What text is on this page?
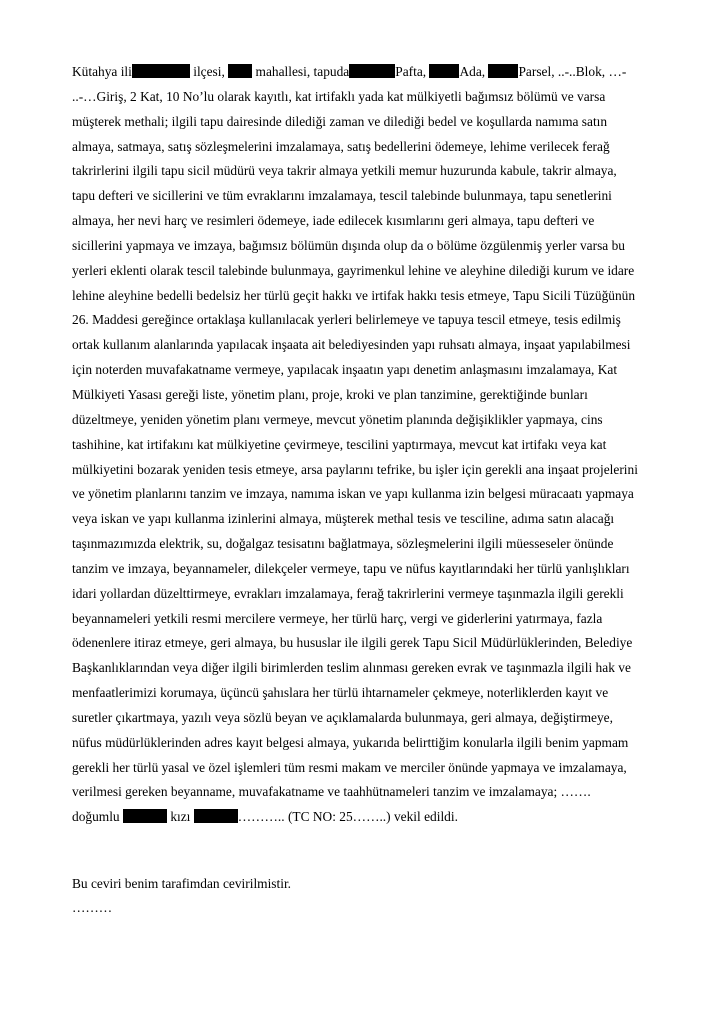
Kütahya ili	ilçesi,  mahallesi, tapuda	Pafta, Ada, Parsel, ..-..Blok, …-
..-…Giriş, 2 Kat, 10 No’lu olarak kayıtlı, kat irtifaklı yada kat mülkiyetli bağımsız bölümü ve varsa
müşterek methali; ilgili tapu dairesinde dilediği zaman ve dilediği bedel ve koşullarda namıma satın
almaya, satmaya, satış sözleşmelerini imzalamaya, satış bedellerini ödemeye, lehime verilecek ferağ
takrirlerini ilgili tapu sicil müdürü veya takrir almaya yetkili memur huzurunda kabule, takrir almaya,
tapu defteri ve sicillerini ve tüm evraklarını imzalamaya, tescil talebinde bulunmaya, tapu senetlerini
almaya, her nevi harç ve resimleri ödemeye, iade edilecek kısımlarını geri almaya, tapu defteri ve
sicillerini yapmaya ve imzaya, bağımsız bölümün dışında olup da o bölüme özgülenmiş yerler varsa bu
yerleri eklenti olarak tescil talebinde bulunmaya, gayrimenkul lehine ve aleyhine dilediği kurum ve idare
lehine aleyhine bedelli bedelsiz her türlü geçit hakkı ve irtifak hakkı tesis etmeye, Tapu Sicili Tüzüğünün
26. Maddesi gereğince ortaklaşa kullanılacak yerleri belirlemeye ve tapuya tescil etmeye, tesis edilmiş
ortak kullanım alanlarında yapılacak inşaata ait belediyesinden yapı ruhsatı almaya, inşaat yapılabilmesi
için noterden muvafakatname vermeye, yapılacak inşaatın yapı denetim anlaşmasını imzalamaya, Kat
Mülkiyeti Yasası gereği liste, yönetim planı, proje, kroki ve plan tanzimine, gerektiğinde bunları
düzeltmeye, yeniden yönetim planı vermeye, mevcut yönetim planında değişiklikler yapmaya, cins
tashihine, kat irtifakını kat mülkiyetine çevirmeye, tescilini yaptırmaya, mevcut kat irtifakı veya kat
mülkiyetini bozarak yeniden tesis etmeye, arsa paylarını tefrike, bu işler için gerekli ana inşaat projelerini
ve yönetim planlarını tanzim ve imzaya, namıma iskan ve yapı kullanma izin belgesi müracaatı yapmaya
veya iskan ve yapı kullanma izinlerini almaya, müşterek methal tesis ve tesciline, adıma satın alacağı
taşınmazımızda elektrik, su, doğalgaz tesisatını bağlatmaya, sözleşmelerini ilgili müesseseler önünde
tanzim ve imzaya, beyannameler, dilekçeler vermeye, tapu ve nüfus kayıtlarındaki her türlü yanlışlıkları
idari yollardan düzelttirmeye, evrakları imzalamaya, ferağ takrirlerini vermeye taşınmazla ilgili gerekli
beyannameleri yetkili resmi mercilere vermeye, her türlü harç, vergi ve giderlerini yatırmaya, fazla
ödenenlere itiraz etmeye, geri almaya, bu hususlar ile ilgili gerek Tapu Sicil Müdürlüklerinden, Belediye
Başkanlıklarından veya diğer ilgili birimlerden teslim alınması gereken evrak ve taşınmazla ilgili hak ve
menfaatlerimizi korumaya, üçüncü şahıslara her türlü ihtarnameler çekmeye, noterliklerden kayıt ve
suretler çıkartmaya, yazılı veya sözlü beyan ve açıklamalarda bulunmaya, geri almaya, değiştirmeye,
nüfus müdürlüklerinden adres kayıt belgesi almaya, yukarıda belirttiğim konularla ilgili benim yapmam
gerekli her türlü yasal ve özel işlemleri tüm resmi makam ve merciler önünde yapmaya ve imzalamaya,
verilmesi gereken beyanname, muvafakatname ve taahhütnameleri tanzim ve imzalamaya; …….
doğumlu	kızı	……….. (TC NO: 25……..) vekil edildi.
Bu ceviri benim tarafimdan cevirilmistir.
………
